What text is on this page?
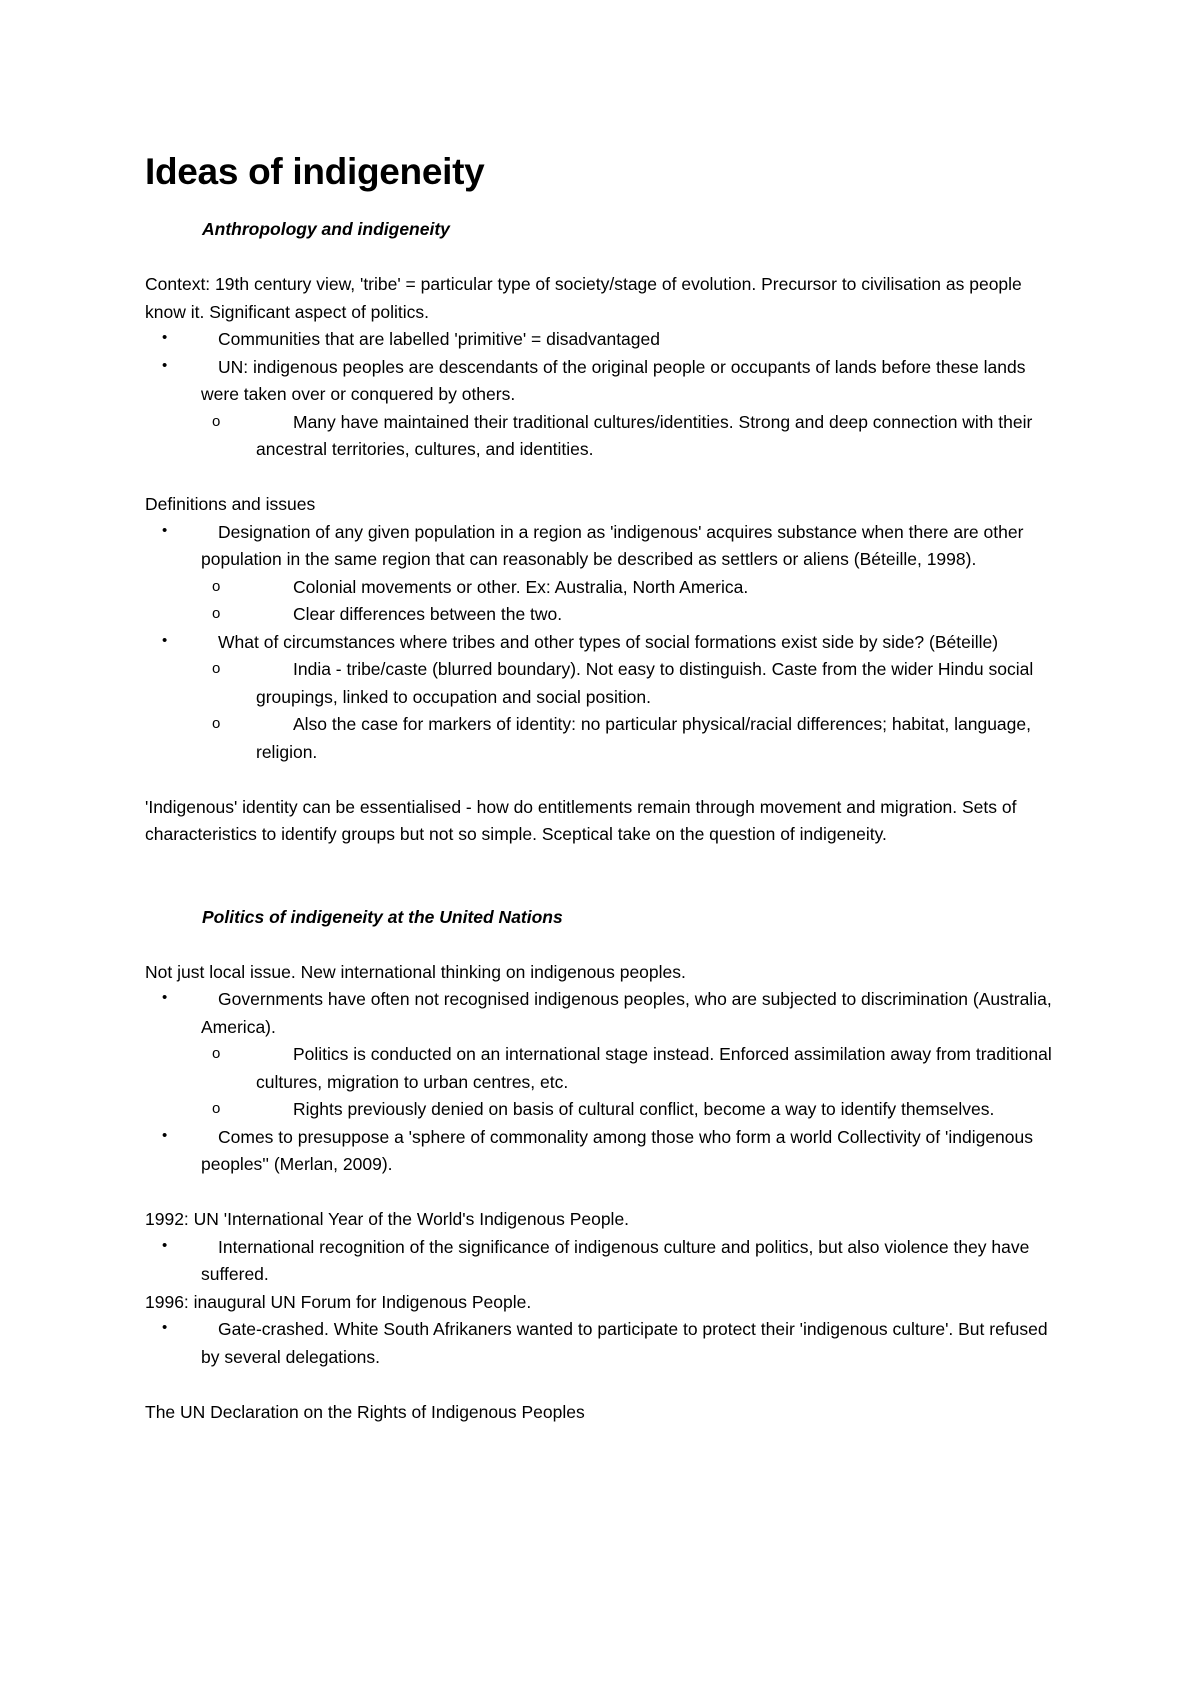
Ideas of indigeneity

Anthropology and indigeneity

Context: 19th century view, 'tribe' = particular type of society/stage of evolution. Precursor to civilisation as people know it. Significant aspect of politics.

•	Communities that are labelled 'primitive' = disadvantaged
•	UN: indigenous peoples are descendants of the original people or occupants of lands before these lands were taken over or conquered by others.
o	Many have maintained their traditional cultures/identities. Strong and deep connection with their ancestral territories, cultures, and identities.

Definitions and issues

•	Designation of any given population in a region as 'indigenous' acquires substance when there are other population in the same region that can reasonably be described as settlers or aliens (Béteille, 1998).
o	Colonial movements or other. Ex: Australia, North America.
o	Clear differences between the two.
•	What of circumstances where tribes and other types of social formations exist side by side? (Béteille)
o	India - tribe/caste (blurred boundary). Not easy to distinguish. Caste from the wider Hindu social groupings, linked to occupation and social position.
o	Also the case for markers of identity: no particular physical/racial differences; habitat, language, religion.

'Indigenous' identity can be essentialised - how do entitlements remain through movement and migration. Sets of characteristics to identify groups but not so simple. Sceptical take on the question of indigeneity.

Politics of indigeneity at the United Nations

Not just local issue. New international thinking on indigenous peoples.

•	Governments have often not recognised indigenous peoples, who are subjected to discrimination (Australia, America).
o	Politics is conducted on an international stage instead. Enforced assimilation away from traditional cultures, migration to urban centres, etc.
o	Rights previously denied on basis of cultural conflict, become a way to identify themselves.
•	Comes to presuppose a 'sphere of commonality among those who form a world Collectivity of 'indigenous peoples'' (Merlan, 2009).

1992: UN 'International Year of the World's Indigenous People.

•	International recognition of the significance of indigenous culture and politics, but also violence they have suffered.

1996: inaugural UN Forum for Indigenous People.

•	Gate-crashed. White South Afrikaners wanted to participate to protect their 'indigenous culture'. But refused by several delegations.

The UN Declaration on the Rights of Indigenous Peoples
